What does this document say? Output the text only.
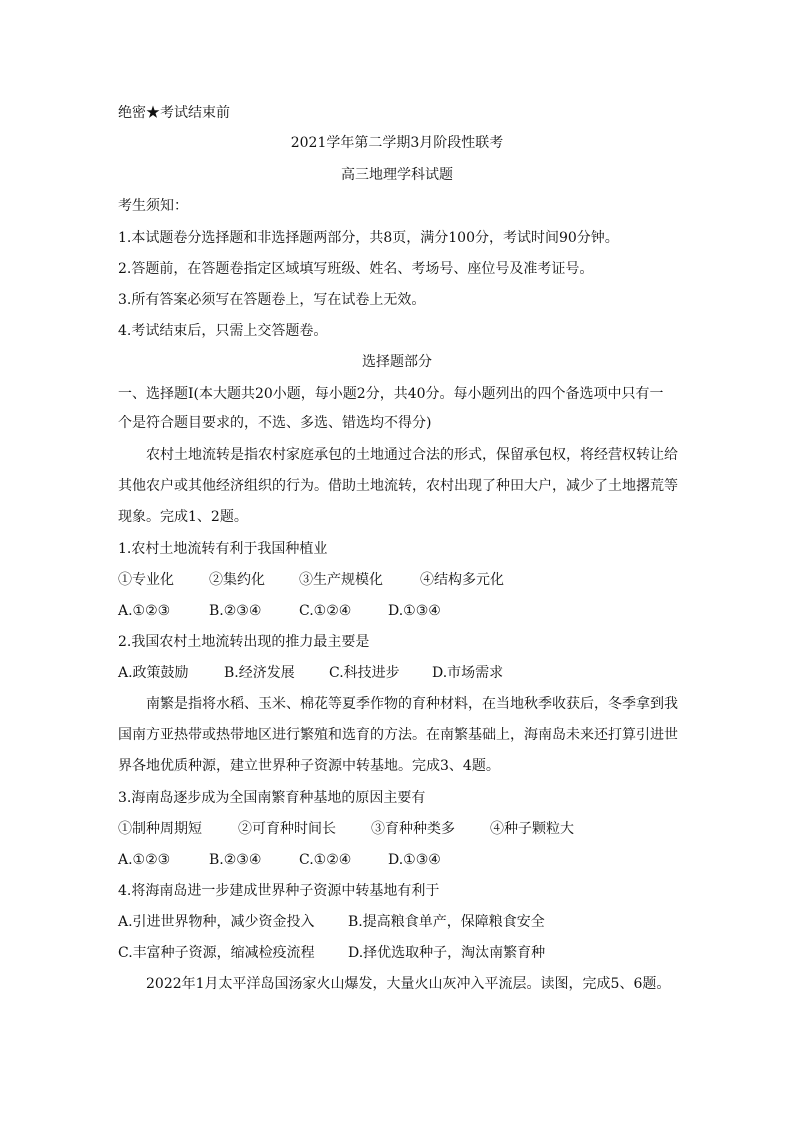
绝密★考试结束前
2021学年第二学期3月阶段性联考
高三地理学科试题
考生须知：
1.本试题卷分选择题和非选择题两部分，共8页，满分100分，考试时间90分钟。
2.答题前，在答题卷指定区域填写班级、姓名、考场号、座位号及准考证号。
3.所有答案必须写在答题卷上，写在试卷上无效。
4.考试结束后，只需上交答题卷。
选择题部分
一、选择题Ⅰ(本大题共20小题，每小题2分，共40分。每小题列出的四个备选项中只有一
个是符合题目要求的，不选、多选、错选均不得分)
农村土地流转是指农村家庭承包的土地通过合法的形式，保留承包权，将经营权转让给
其他农户或其他经济组织的行为。借助土地流转，农村出现了种田大户，减少了土地撂荒等
现象。完成1、2题。
1.农村土地流转有利于我国种植业
①专业化	②集约化 ③生产规模化	④结构多元化
A.①②③	B.②③④	C.①②④	D.①③④
2.我国农村土地流转出现的推力最主要是
A.政策鼓励	B.经济发展 C.科技进步 D.市场需求
南繁是指将水稻、玉米、棉花等夏季作物的育种材料，在当地秋季收获后，冬季拿到我
国南方亚热带或热带地区进行繁殖和选育的方法。在南繁基础上，海南岛未来还打算引进世
界各地优质种源，建立世界种子资源中转基地。完成3、4题。
3.海南岛逐步成为全国南繁育种基地的原因主要有
①制种周期短	②可育种时间长	③育种种类多	④种子颗粒大
A.①②③	B.②③④	C.①②④	D.①③④
4.将海南岛进一步建成世界种子资源中转基地有利于
A.引进世界物种，减少资金投入 B.提高粮食单产，保障粮食安全
C.丰富种子资源，缩减检疫流程 D.择优选取种子，淘汰南繁育种
2022年1月太平洋岛国汤家火山爆发，大量火山灰冲入平流层。读图，完成5、6题。
